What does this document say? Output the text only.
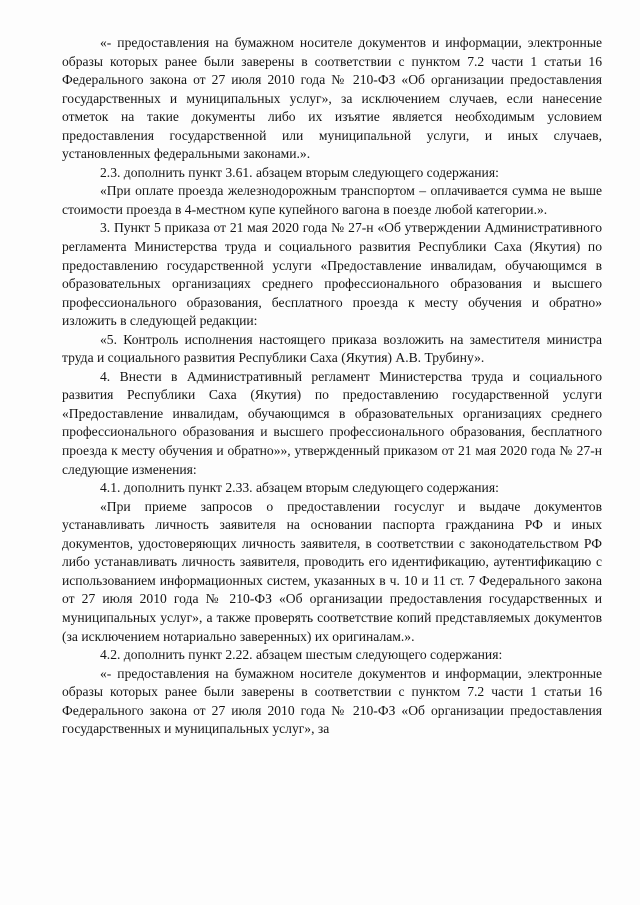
«- предоставления на бумажном носителе документов и информации, электронные образы которых ранее были заверены в соответствии с пунктом 7.2 части 1 статьи 16 Федерального закона от 27 июля 2010 года № 210-ФЗ «Об организации предоставления государственных и муниципальных услуг», за исключением случаев, если нанесение отметок на такие документы либо их изъятие является необходимым условием предоставления государственной или муниципальной услуги, и иных случаев, установленных федеральными законами.».

2.3. дополнить пункт 3.61. абзацем вторым следующего содержания:

«При оплате проезда железнодорожным транспортом – оплачивается сумма не выше стоимости проезда в 4-местном купе купейного вагона в поезде любой категории.».

3. Пункт 5 приказа от 21 мая 2020 года № 27-н «Об утверждении Административного регламента Министерства труда и социального развития Республики Саха (Якутия) по предоставлению государственной услуги «Предоставление инвалидам, обучающимся в образовательных организациях среднего профессионального образования и высшего профессионального образования, бесплатного проезда к месту обучения и обратно» изложить в следующей редакции:

«5. Контроль исполнения настоящего приказа возложить на заместителя министра труда и социального развития Республики Саха (Якутия) А.В. Трубину».

4. Внести в Административный регламент Министерства труда и социального развития Республики Саха (Якутия) по предоставлению государственной услуги «Предоставление инвалидам, обучающимся в образовательных организациях среднего профессионального образования и высшего профессионального образования, бесплатного проезда к месту обучения и обратно»», утвержденный приказом от 21 мая 2020 года № 27-н следующие изменения:

4.1. дополнить пункт 2.33. абзацем вторым следующего содержания:

«При приеме запросов о предоставлении госуслуг и выдаче документов устанавливать личность заявителя на основании паспорта гражданина РФ и иных документов, удостоверяющих личность заявителя, в соответствии с законодательством РФ либо устанавливать личность заявителя, проводить его идентификацию, аутентификацию с использованием информационных систем, указанных в ч. 10 и 11 ст. 7 Федерального закона от 27 июля 2010 года № 210-ФЗ «Об организации предоставления государственных и муниципальных услуг», а также проверять соответствие копий представляемых документов (за исключением нотариально заверенных) их оригиналам.».

4.2. дополнить пункт 2.22. абзацем шестым следующего содержания:

«- предоставления на бумажном носителе документов и информации, электронные образы которых ранее были заверены в соответствии с пунктом 7.2 части 1 статьи 16 Федерального закона от 27 июля 2010 года № 210-ФЗ «Об организации предоставления государственных и муниципальных услуг», за
